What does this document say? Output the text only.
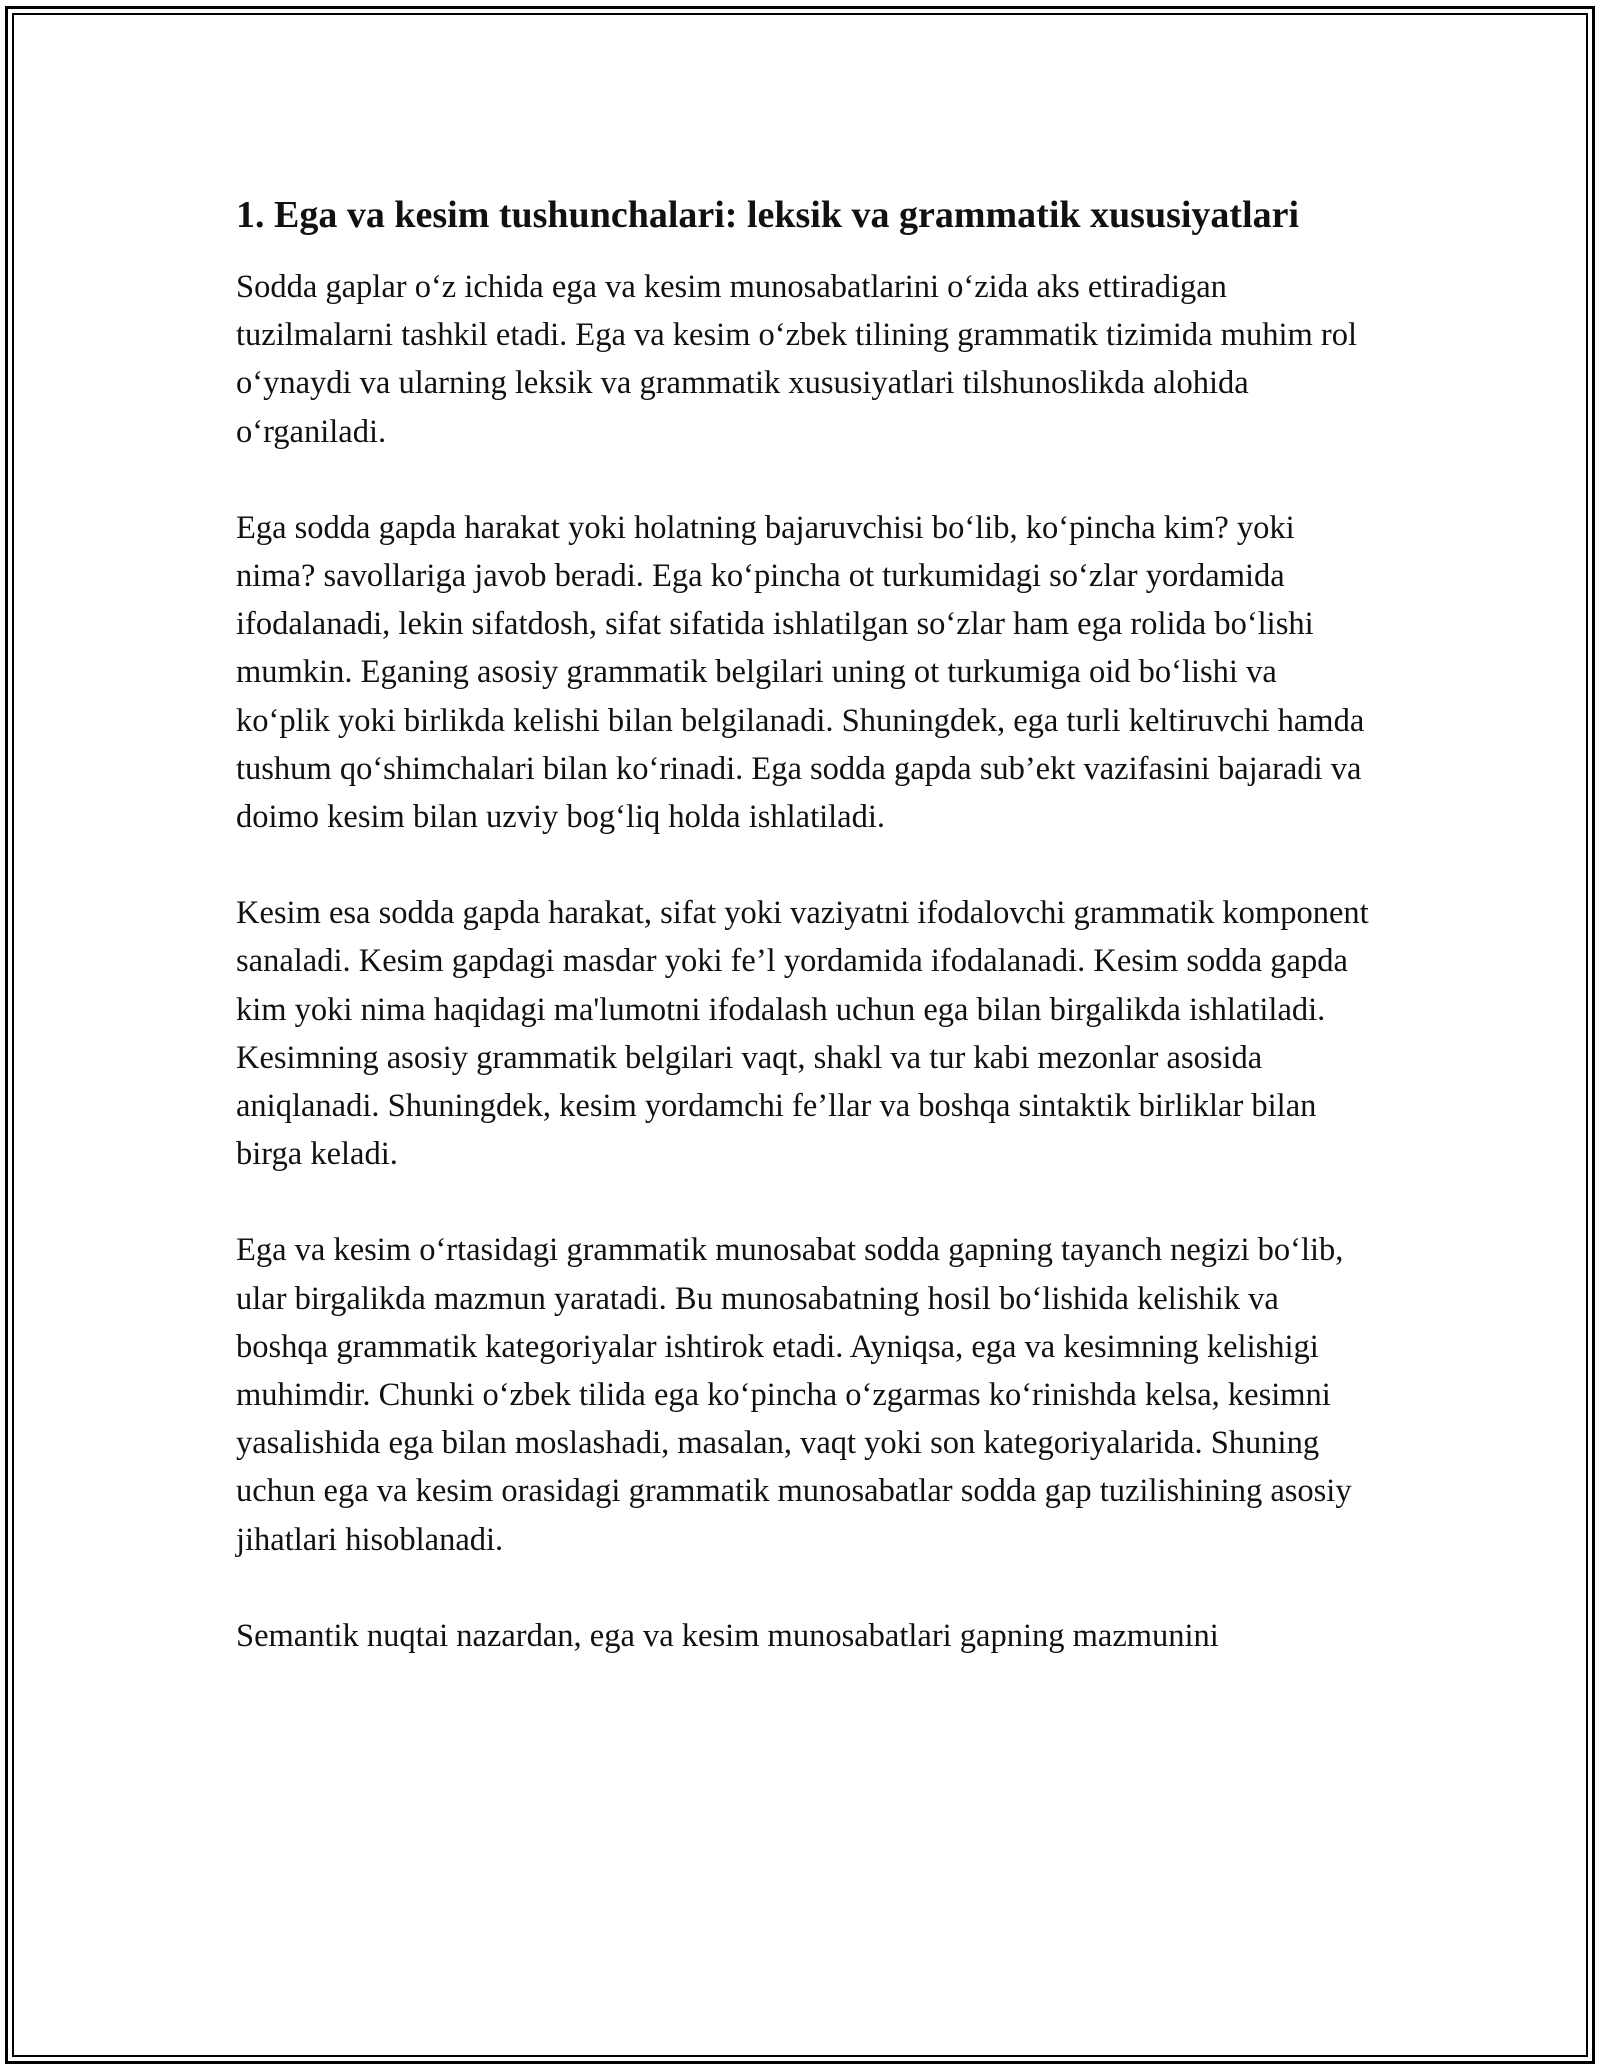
1. Ega va kesim tushunchalari: leksik va grammatik xususiyatlari

Sodda gaplar o‘z ichida ega va kesim munosabatlarini o‘zida aks ettiradigan tuzilmalarni tashkil etadi. Ega va kesim o‘zbek tilining grammatik tizimida muhim rol o‘ynaydi va ularning leksik va grammatik xususiyatlari tilshunoslikda alohida o‘rganiladi.

Ega sodda gapda harakat yoki holatning bajaruvchisi bo‘lib, ko‘pincha kim? yoki nima? savollariga javob beradi. Ega ko‘pincha ot turkumidagi so‘zlar yordamida ifodalanadi, lekin sifatdosh, sifat sifatida ishlatilgan so‘zlar ham ega rolida bo‘lishi mumkin. Eganing asosiy grammatik belgilari uning ot turkumiga oid bo‘lishi va ko‘plik yoki birlikda kelishi bilan belgilanadi. Shuningdek, ega turli keltiruvchi hamda tushum qo‘shimchalari bilan ko‘rinadi. Ega sodda gapda sub’ekt vazifasini bajaradi va doimo kesim bilan uzviy bog‘liq holda ishlatiladi.

Kesim esa sodda gapda harakat, sifat yoki vaziyatni ifodalovchi grammatik komponent sanaladi. Kesim gapdagi masdar yoki fe’l yordamida ifodalanadi. Kesim sodda gapda kim yoki nima haqidagi ma'lumotni ifodalash uchun ega bilan birgalikda ishlatiladi. Kesimning asosiy grammatik belgilari vaqt, shakl va tur kabi mezonlar asosida aniqlanadi. Shuningdek, kesim yordamchi fe’llar va boshqa sintaktik birliklar bilan birga keladi.

Ega va kesim o‘rtasidagi grammatik munosabat sodda gapning tayanch negizi bo‘lib, ular birgalikda mazmun yaratadi. Bu munosabatning hosil bo‘lishida kelishik va boshqa grammatik kategoriyalar ishtirok etadi. Ayniqsa, ega va kesimning kelishigi muhimdir. Chunki o‘zbek tilida ega ko‘pincha o‘zgarmas ko‘rinishda kelsa, kesimni yasalishida ega bilan moslashadi, masalan, vaqt yoki son kategoriyalarida. Shuning uchun ega va kesim orasidagi grammatik munosabatlar sodda gap tuzilishining asosiy jihatlari hisoblanadi.

Semantik nuqtai nazardan, ega va kesim munosabatlari gapning mazmunini
